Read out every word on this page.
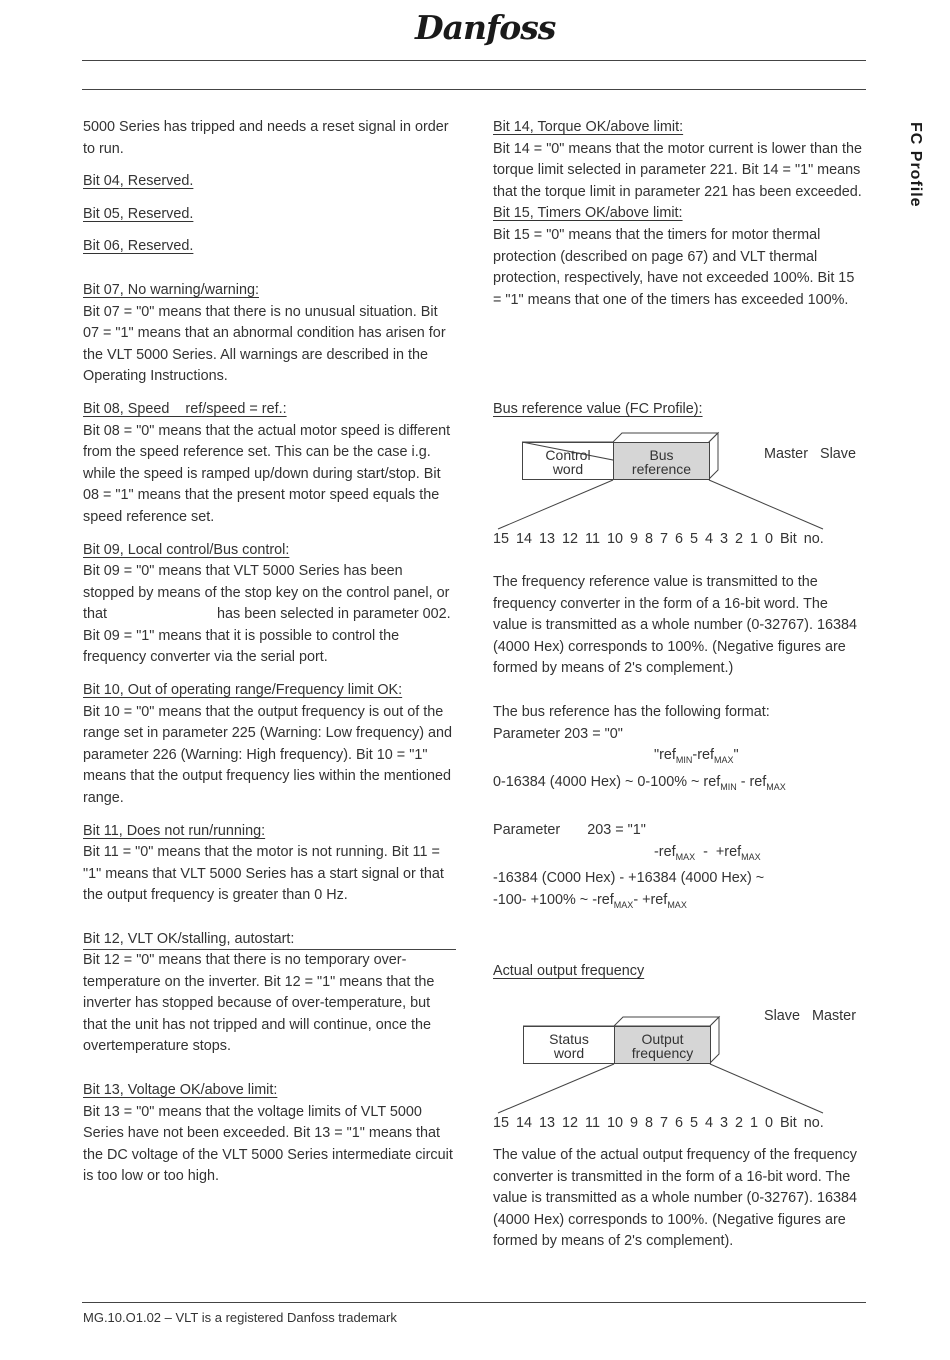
Danfoss
FC Profile

5000 Series has tripped and needs a reset signal in order to run.

Bit 04, Reserved.

Bit 05, Reserved.

Bit 06, Reserved.

Bit 07, No warning/warning:

Bit 07 = "0" means that there is no unusual situation. Bit 07 = "1" means that an abnormal condition has arisen for the VLT 5000 Series. All warnings are described in the Operating Instructions.

Bit 08, Speed    ref/speed = ref.:

Bit 08 = "0" means that the actual motor speed is different from the speed reference set. This can be the case i.g. while the speed is ramped up/down during start/stop. Bit 08 = "1" means that the present motor speed equals the speed reference set.

Bit 09, Local control/Bus control:

Bit 09 = "0" means that VLT 5000 Series has been stopped by means of the stop key on the control panel, or that	has been selected in parameter 002. Bit 09 = "1" means that it is possible to control the frequency converter via the serial port.

Bit 10, Out of operating range/Frequency limit OK:

Bit 10 = "0" means that the output frequency is out of the range set in parameter 225 (Warning: Low frequency) and parameter 226 (Warning: High frequency). Bit 10 = "1" means that the output frequency lies within the mentioned range.

Bit 11, Does not run/running:

Bit 11 = "0" means that the motor is not running. Bit 11 = "1" means that VLT 5000 Series has a start signal or that the output frequency is greater than 0 Hz.

Bit 12, VLT OK/stalling, autostart:

Bit 12 = "0" means that there is no temporary over-temperature on the inverter. Bit 12 = "1" means that the inverter has stopped because of over-temperature, but that the unit has not tripped and will continue, once the overtemperature stops.

Bit 13, Voltage OK/above limit:

Bit 13 = "0" means that the voltage limits of VLT 5000 Series have not been exceeded. Bit 13 = "1" means that the DC voltage of the VLT 5000 Series intermediate circuit is too low or too high.

Bit 14, Torque OK/above limit:

Bit 14 = "0" means that the motor current is lower than the torque limit selected in parameter 221. Bit 14 = "1" means that the torque limit in parameter 221 has been exceeded.

Bit 15, Timers OK/above limit:

Bit 15 = "0" means that the timers for motor thermal protection (described on page 67) and VLT thermal protection, respectively, have not exceeded 100%. Bit 15 = "1" means that one of the timers has exceeded 100%.

Bus reference value (FC Profile):

Control
word
Bus
reference
Master Slave
15 14 13 12 11 10 9 8 7 6 5 4 3 2 1 0 Bit no.

The frequency reference value is transmitted to the frequency converter in the form of a 16-bit word. The value is transmitted as a whole number (0-32767). 16384 (4000 Hex) corresponds to 100%. (Negative figures are formed by means of 2's complement.)

The bus reference has the following format:

Parameter 203 = "0"

"ref$_{MIN}$-ref$_{MAX}$"

0-16384 (4000 Hex) ~ 0-100% ~ ref$_{MIN}$ - ref$_{MAX}$

Parameter 203 = "1"

-ref$_{MAX}$  -  +ref$_{MAX}$

-16384 (C000 Hex) - +16384 (4000 Hex) ~

-100- +100% ~ -ref$_{MAX}$- +ref$_{MAX}$

Actual output frequency

Slave Master
Status
word
Output
frequency
15 14 13 12 11 10 9 8 7 6 5 4 3 2 1 0 Bit no.

The value of the actual output frequency of the frequency converter is transmitted in the form of a 16-bit word. The value is transmitted as a whole number (0-32767). 16384 (4000 Hex) corresponds to 100%. (Negative figures are formed by means of 2's complement).

MG.10.O1.02 – VLT is a registered Danfoss trademark
